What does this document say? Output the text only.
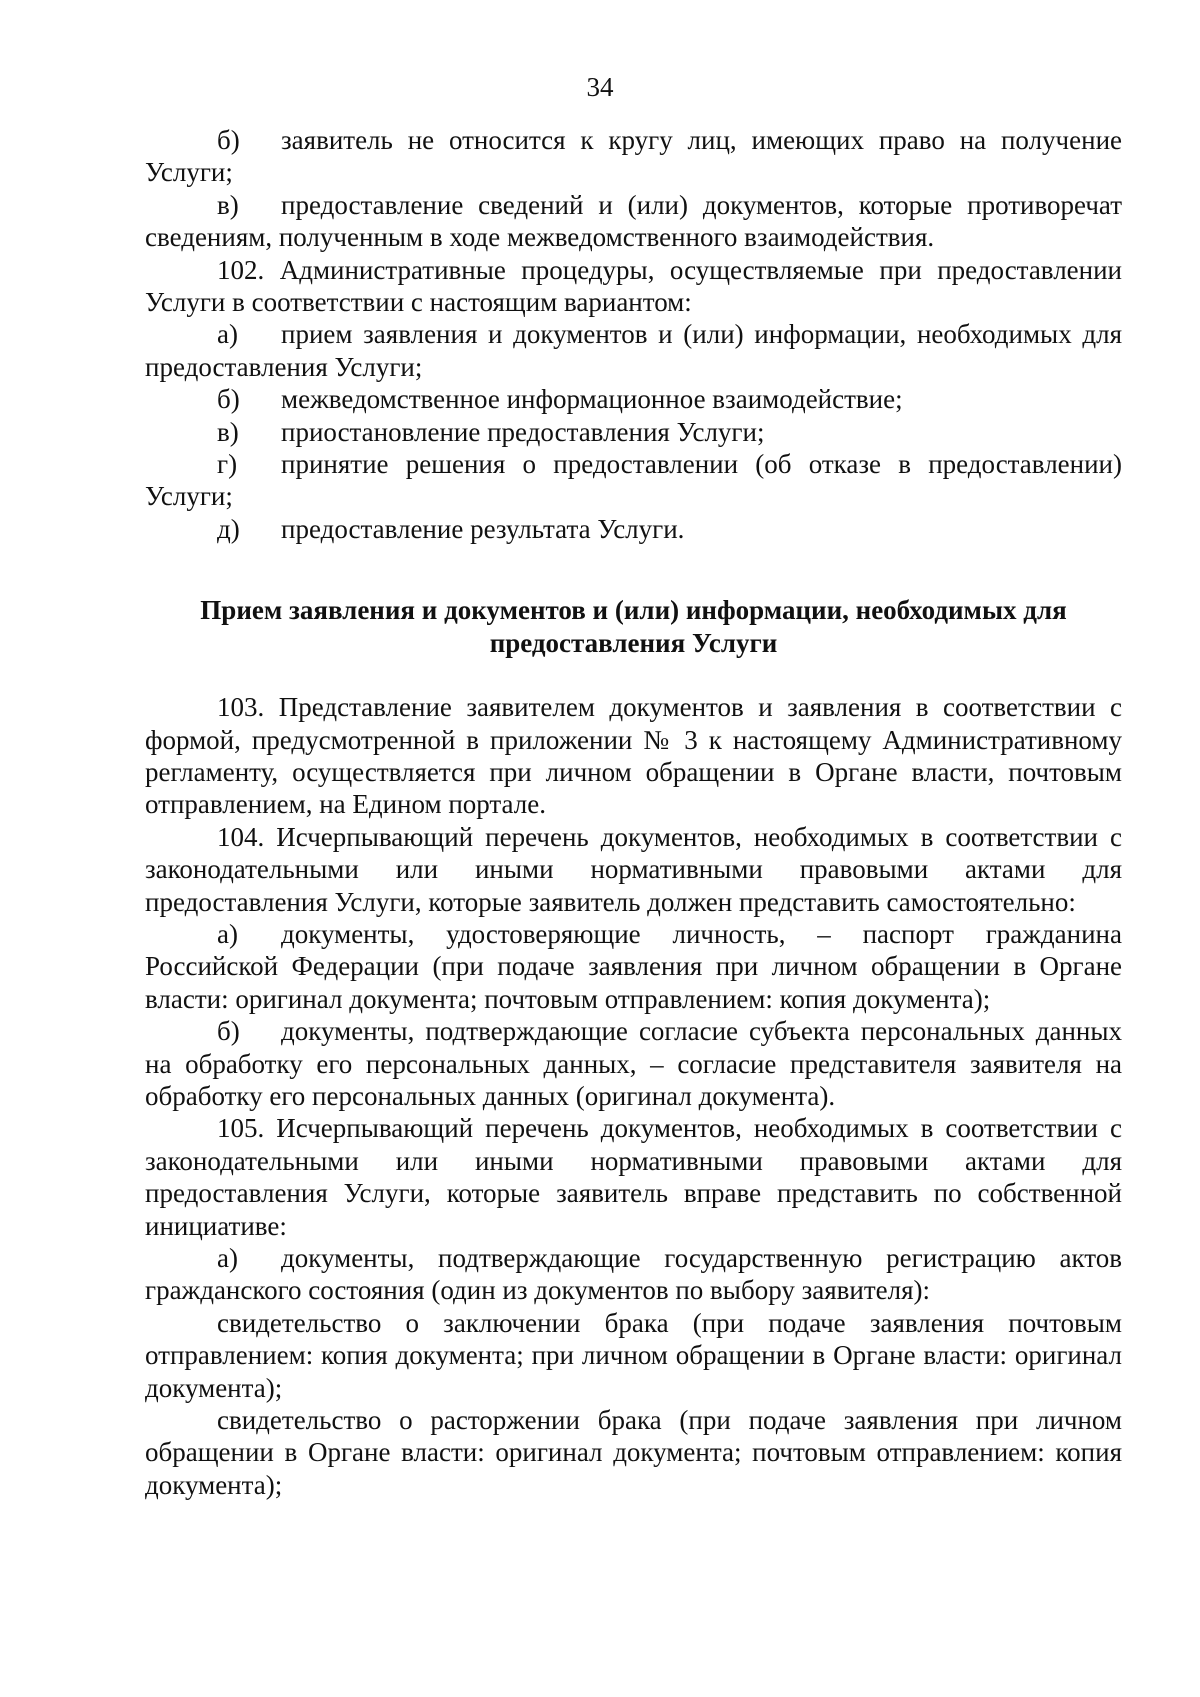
34

б) заявитель не относится к кругу лиц, имеющих право на получение Услуги;

в) предоставление сведений и (или) документов, которые противоречат сведениям, полученным в ходе межведомственного взаимодействия.

102. Административные процедуры, осуществляемые при предоставлении Услуги в соответствии с настоящим вариантом:

а) прием заявления и документов и (или) информации, необходимых для предоставления Услуги;

б) межведомственное информационное взаимодействие;

в) приостановление предоставления Услуги;

г) принятие решения о предоставлении (об отказе в предоставлении) Услуги;

д) предоставление результата Услуги.

Прием заявления и документов и (или) информации, необходимых для предоставления Услуги

103. Представление заявителем документов и заявления в соответствии с формой, предусмотренной в приложении № 3 к настоящему Административному регламенту, осуществляется при личном обращении в Органе власти, почтовым отправлением, на Едином портале.

104. Исчерпывающий перечень документов, необходимых в соответствии с законодательными или иными нормативными правовыми актами для предоставления Услуги, которые заявитель должен представить самостоятельно:

а) документы, удостоверяющие личность, – паспорт гражданина Российской Федерации (при подаче заявления при личном обращении в Органе власти: оригинал документа; почтовым отправлением: копия документа);

б) документы, подтверждающие согласие субъекта персональных данных на обработку его персональных данных, – согласие представителя заявителя на обработку его персональных данных (оригинал документа).

105. Исчерпывающий перечень документов, необходимых в соответствии с законодательными или иными нормативными правовыми актами для предоставления Услуги, которые заявитель вправе представить по собственной инициативе:

а) документы, подтверждающие государственную регистрацию актов гражданского состояния (один из документов по выбору заявителя):

свидетельство о заключении брака (при подаче заявления почтовым отправлением: копия документа; при личном обращении в Органе власти: оригинал документа);

свидетельство о расторжении брака (при подаче заявления при личном обращении в Органе власти: оригинал документа; почтовым отправлением: копия документа);
